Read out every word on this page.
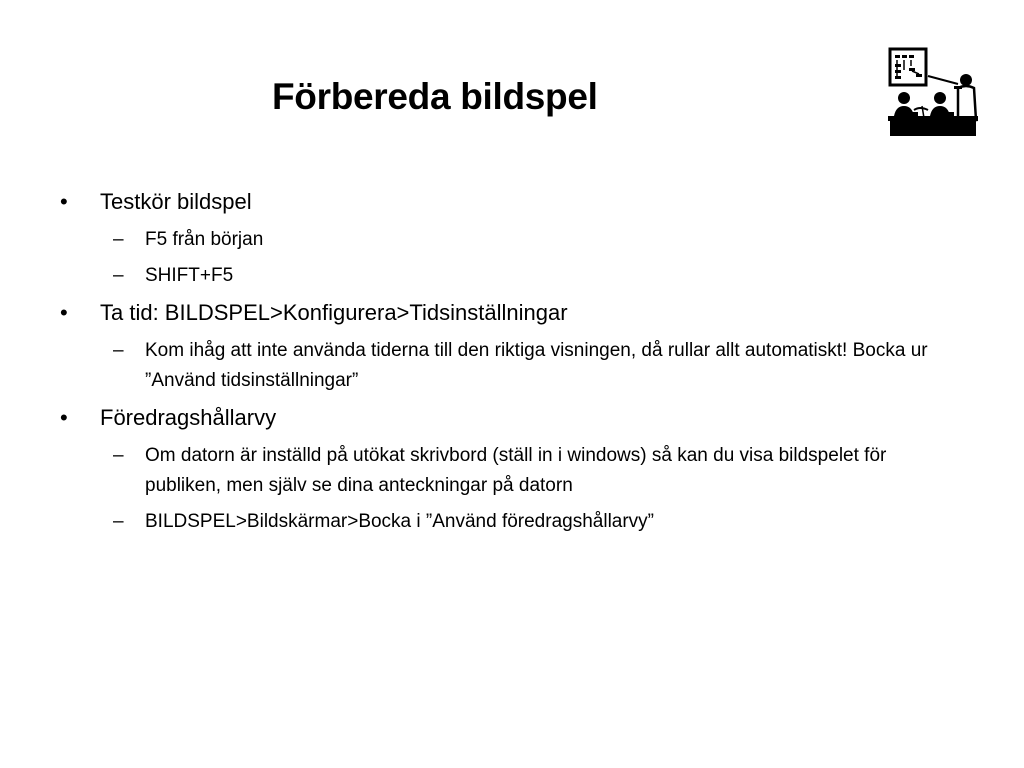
Förbereda bildspel
• Testkör bildspel
– F5 från början
– SHIFT+F5
• Ta tid: BILDSPEL>Konfigurera>Tidsinställningar
– Kom ihåg att inte använda tiderna till den riktiga visningen, då rullar allt automatiskt! Bocka ur ”Använd tidsinställningar”
• Föredragshållarvy
– Om datorn är inställd på utökat skrivbord (ställ in i windows) så kan du visa bildspelet för publiken, men själv se dina anteckningar på datorn
– BILDSPEL>Bildskärmar>Bocka i ”Använd föredragshållarvy”
